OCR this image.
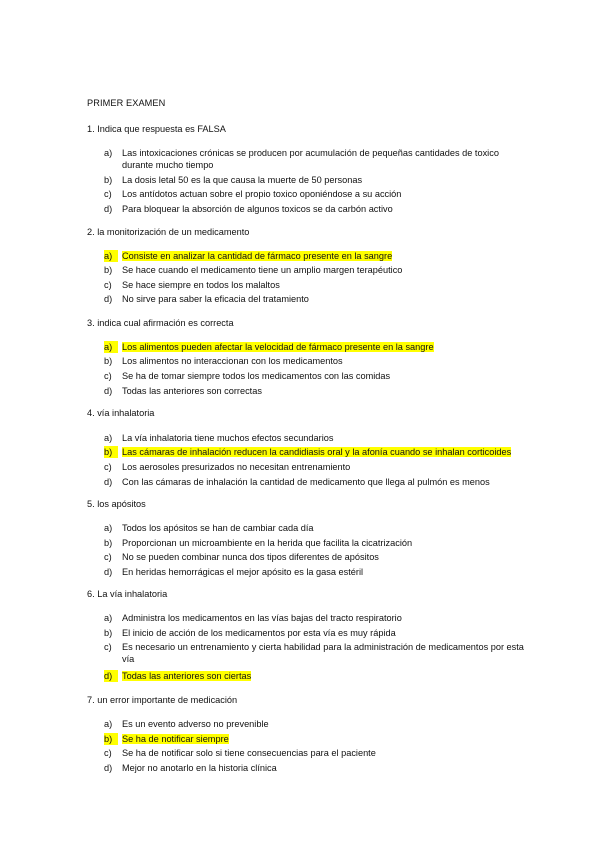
PRIMER EXAMEN
1. Indica que respuesta es FALSA
a)	Las intoxicaciones crónicas se producen por acumulación de pequeñas cantidades de toxico durante mucho tiempo
b)	La dosis letal 50 es la que causa la muerte de 50 personas
c)	Los antídotos actuan sobre el propio toxico oponiéndose a su acción
d)	Para bloquear la absorción de algunos toxicos se da carbón activo
2. la monitorización de un medicamento
a)	Consiste en analizar la cantidad de fármaco presente en la sangre
b)	Se hace cuando el medicamento tiene un amplio margen terapéutico
c)	Se hace siempre en todos los malaltos
d)	No sirve para saber la eficacia del tratamiento
3. indica cual afirmación es correcta
a)	Los alimentos pueden afectar la velocidad de fármaco presente en la sangre
b)	Los alimentos no interaccionan con los medicamentos
c)	Se ha de tomar siempre todos los medicamentos con las comidas
d)	Todas las anteriores son correctas
4. vía inhalatoria
a)	La vía inhalatoria tiene muchos efectos secundarios
b)	Las cámaras de inhalación reducen la candidiasis oral y la afonía cuando se inhalan corticoides
c)	Los aerosoles presurizados no necesitan entrenamiento
d)	Con las cámaras de inhalación la cantidad de medicamento que llega al pulmón es menos
5. los apósitos
a)	Todos los apósitos se han de cambiar cada día
b)	Proporcionan un microambiente en la herida que facilita la cicatrización
c)	No se pueden combinar nunca dos tipos diferentes de apósitos
d)	En heridas hemorrágicas el mejor apósito es la gasa estéril
6. La vía inhalatoria
a)	Administra los medicamentos en las vías bajas del tracto respiratorio
b)	El inicio de acción de los medicamentos por esta vía es muy rápida
c)	Es necesario un entrenamiento y cierta habilidad para la administración de medicamentos por esta vía
d)	Todas las anteriores son ciertas
7. un error importante de medicación
a)	Es un evento adverso no prevenible
b)	Se ha de notificar siempre
c)	Se ha de notificar solo si tiene consecuencias para el paciente
d)	Mejor no anotarlo en la historia clínica
